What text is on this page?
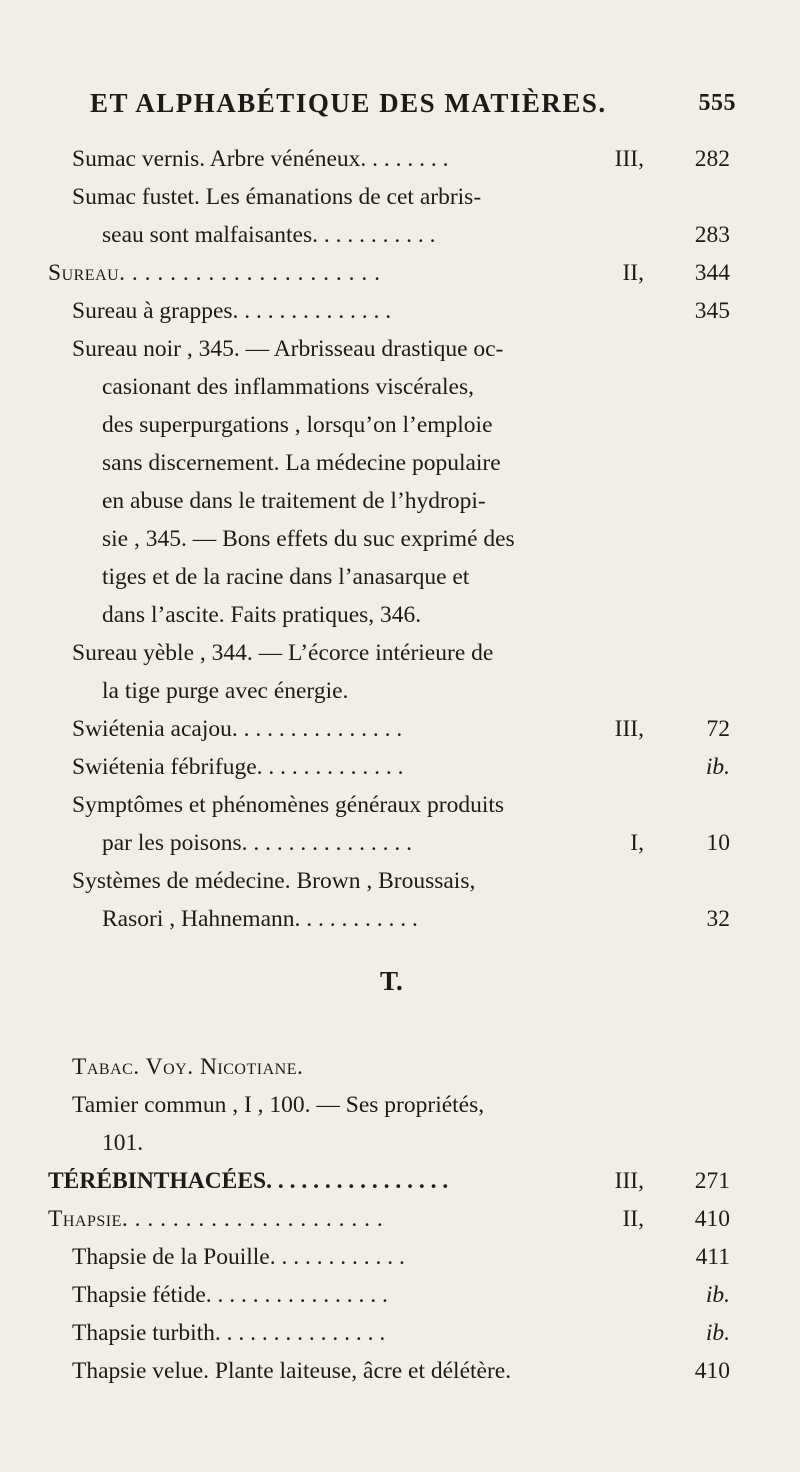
ET ALPHABÉTIQUE DES MATIÈRES.	555
Sumac vernis. Arbre vénéneux. . . . . . . .	III, 282
Sumac fustet. Les émanations de cet arbris-
seau sont malfaisantes. . . . . . . . . . .	283
Sureau. . . . . . . . . . . . . . . . . . . . .	II, 344
Sureau à grappes. . . . . . . . . . . . . .	345
Sureau noir , 345. — Arbrisseau drastique oc-
casionant des inflammations viscérales,
des superpurgations , lorsqu’on l’emploie
sans discernement. La médecine populaire
en abuse dans le traitement de l’hydropi-
sie , 345. — Bons effets du suc exprimé des
tiges et de la racine dans l’anasarque et
dans l’ascite. Faits pratiques, 346.
Sureau yèble , 344. — L’écorce intérieure de
la tige purge avec énergie.
Swiétenia acajou. . . . . . . . . . . . . . .	III,	72
Swiétenia fébrifuge. . . . . . . . . . . . .	ib.
Symptômes et phénomènes généraux produits
par les poisons. . . . . . . . . . . . . . .	I,	10
Systèmes de médecine. Brown , Broussais,
Rasori , Hahnemann. . . . . . . . . . .	32
T.
Tabac. Voy. Nicotiane.
Tamier commun , I , 100. — Ses propriétés,
101.
TÉRÉBINTHACÉES. . . . . . . . . . . . . . . .	III, 271
Thapsie. . . . . . . . . . . . . . . . . . . . .	II, 410
Thapsie de la Pouille. . . . . . . . . . . .	411
Thapsie fétide. . . . . . . . . . . . . . . .	ib.
Thapsie turbith. . . . . . . . . . . . . . .	ib.
Thapsie velue. Plante laiteuse, âcre et délétère.	410
